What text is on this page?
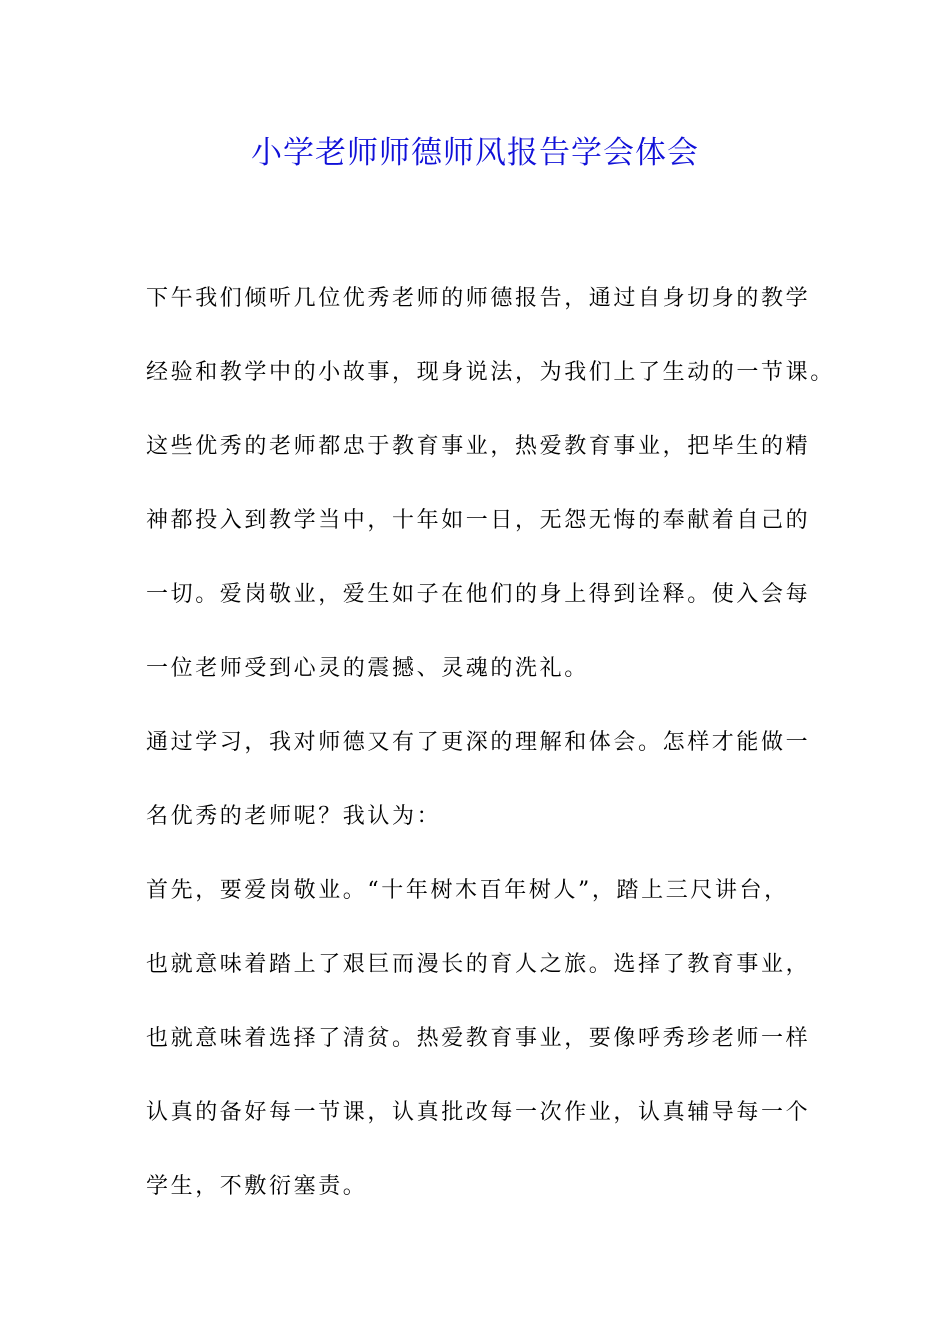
小学老师师德师风报告学会体会
下午我们倾听几位优秀老师的师德报告，通过自身切身的教学
经验和教学中的小故事，现身说法，为我们上了生动的一节课。
这些优秀的老师都忠于教育事业，热爱教育事业，把毕生的精
神都投入到教学当中，十年如一日，无怨无悔的奉献着自己的
一切。爱岗敬业，爱生如子在他们的身上得到诠释。使入会每
一位老师受到心灵的震撼、灵魂的洗礼。
通过学习，我对师德又有了更深的理解和体会。怎样才能做一
名优秀的老师呢？我认为：
首先，要爱岗敬业。“十年树木百年树人”，踏上三尺讲台，
也就意味着踏上了艰巨而漫长的育人之旅。选择了教育事业，
也就意味着选择了清贫。热爱教育事业，要像呼秀珍老师一样
认真的备好每一节课，认真批改每一次作业，认真辅导每一个
学生，不敷衍塞责。
